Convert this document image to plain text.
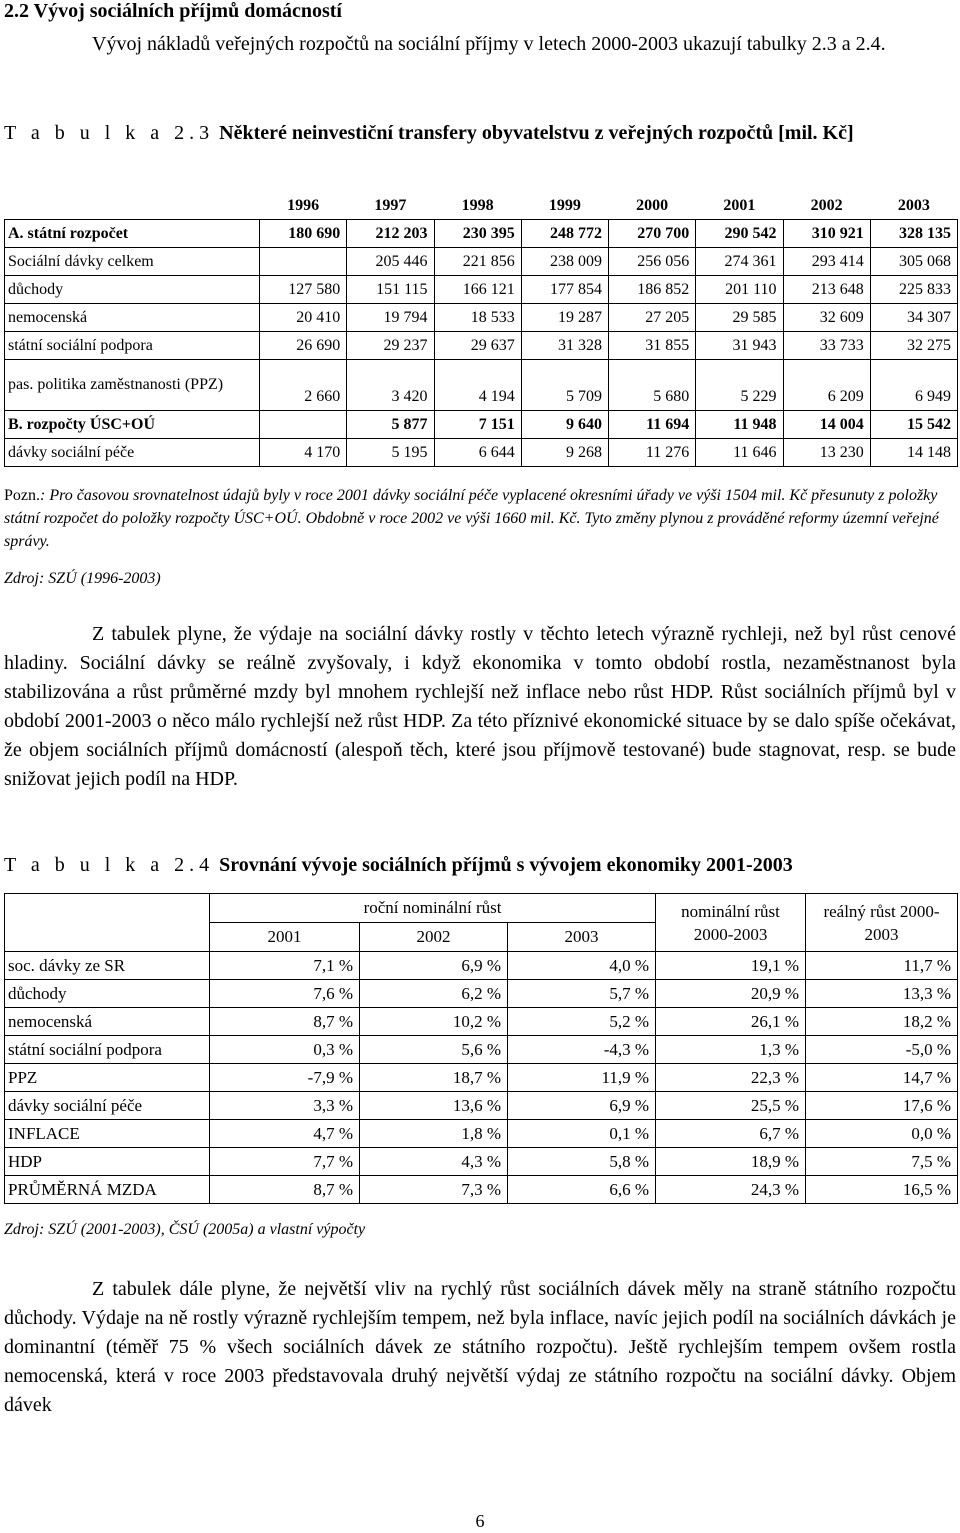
2.2 Vývoj sociálních příjmů domácností
Vývoj nákladů veřejných rozpočtů na sociální příjmy v letech 2000-2003 ukazují tabulky 2.3 a 2.4.
T a b u l k a 2.3 Některé neinvestiční transfery obyvatelstvu z veřejných rozpočtů [mil. Kč]
	1996	1997	1998	1999	2000	2001	2002	2003
A. státní rozpočet	180 690	212 203	230 395	248 772	270 700	290 542	310 921	328 135
Sociální dávky celkem		205 446	221 856	238 009	256 056	274 361	293 414	305 068
důchody	127 580	151 115	166 121	177 854	186 852	201 110	213 648	225 833
nemocenská	20 410	19 794	18 533	19 287	27 205	29 585	32 609	34 307
státní sociální podpora	26 690	29 237	29 637	31 328	31 855	31 943	33 733	32 275
pas. politika zaměstnanosti (PPZ)	2 660	3 420	4 194	5 709	5 680	5 229	6 209	6 949
B. rozpočty ÚSC+OÚ		5 877	7 151	9 640	11 694	11 948	14 004	15 542
dávky sociální péče	4 170	5 195	6 644	9 268	11 276	11 646	13 230	14 148
Pozn.: Pro časovou srovnatelnost údajů byly v roce 2001 dávky sociální péče vyplacené okresními úřady ve výši 1504 mil. Kč přesunuty z položky státní rozpočet do položky rozpočty ÚSC+OÚ. Obdobně v roce 2002 ve výši 1660 mil. Kč. Tyto změny plynou z prováděné reformy územní veřejné správy.
Zdroj: SZÚ (1996-2003)
Z tabulek plyne, že výdaje na sociální dávky rostly v těchto letech výrazně rychleji, než byl růst cenové hladiny. Sociální dávky se reálně zvyšovaly, i když ekonomika v tomto období rostla, nezaměstnanost byla stabilizována a růst průměrné mzdy byl mnohem rychlejší než inflace nebo růst HDP. Růst sociálních příjmů byl v období 2001-2003 o něco málo rychlejší než růst HDP. Za této příznivé ekonomické situace by se dalo spíše očekávat, že objem sociálních příjmů domácností (alespoň těch, které jsou příjmově testované) bude stagnovat, resp. se bude snižovat jejich podíl na HDP.
T a b u l k a 2.4 Srovnání vývoje sociálních příjmů s vývojem ekonomiky 2001-2003
	roční nominální růst			nominální růst 2000-2003	reálný růst 2000-2003
	2001	2002	2003		
soc. dávky ze SR	7,1 %	6,9 %	4,0 %	19,1 %	11,7 %
důchody	7,6 %	6,2 %	5,7 %	20,9 %	13,3 %
nemocenská	8,7 %	10,2 %	5,2 %	26,1 %	18,2 %
státní sociální podpora	0,3 %	5,6 %	-4,3 %	1,3 %	-5,0 %
PPZ	-7,9 %	18,7 %	11,9 %	22,3 %	14,7 %
dávky sociální péče	3,3 %	13,6 %	6,9 %	25,5 %	17,6 %
INFLACE	4,7 %	1,8 %	0,1 %	6,7 %	0,0 %
HDP	7,7 %	4,3 %	5,8 %	18,9 %	7,5 %
PRŮMĚRNÁ MZDA	8,7 %	7,3 %	6,6 %	24,3 %	16,5 %
Zdroj: SZÚ (2001-2003), ČSÚ (2005a) a vlastní výpočty
Z tabulek dále plyne, že největší vliv na rychlý růst sociálních dávek měly na straně státního rozpočtu důchody. Výdaje na ně rostly výrazně rychlejším tempem, než byla inflace, navíc jejich podíl na sociálních dávkách je dominantní (téměř 75 % všech sociálních dávek ze státního rozpočtu). Ještě rychlejším tempem ovšem rostla nemocenská, která v roce 2003 představovala druhý největší výdaj ze státního rozpočtu na sociální dávky. Objem dávek
6
